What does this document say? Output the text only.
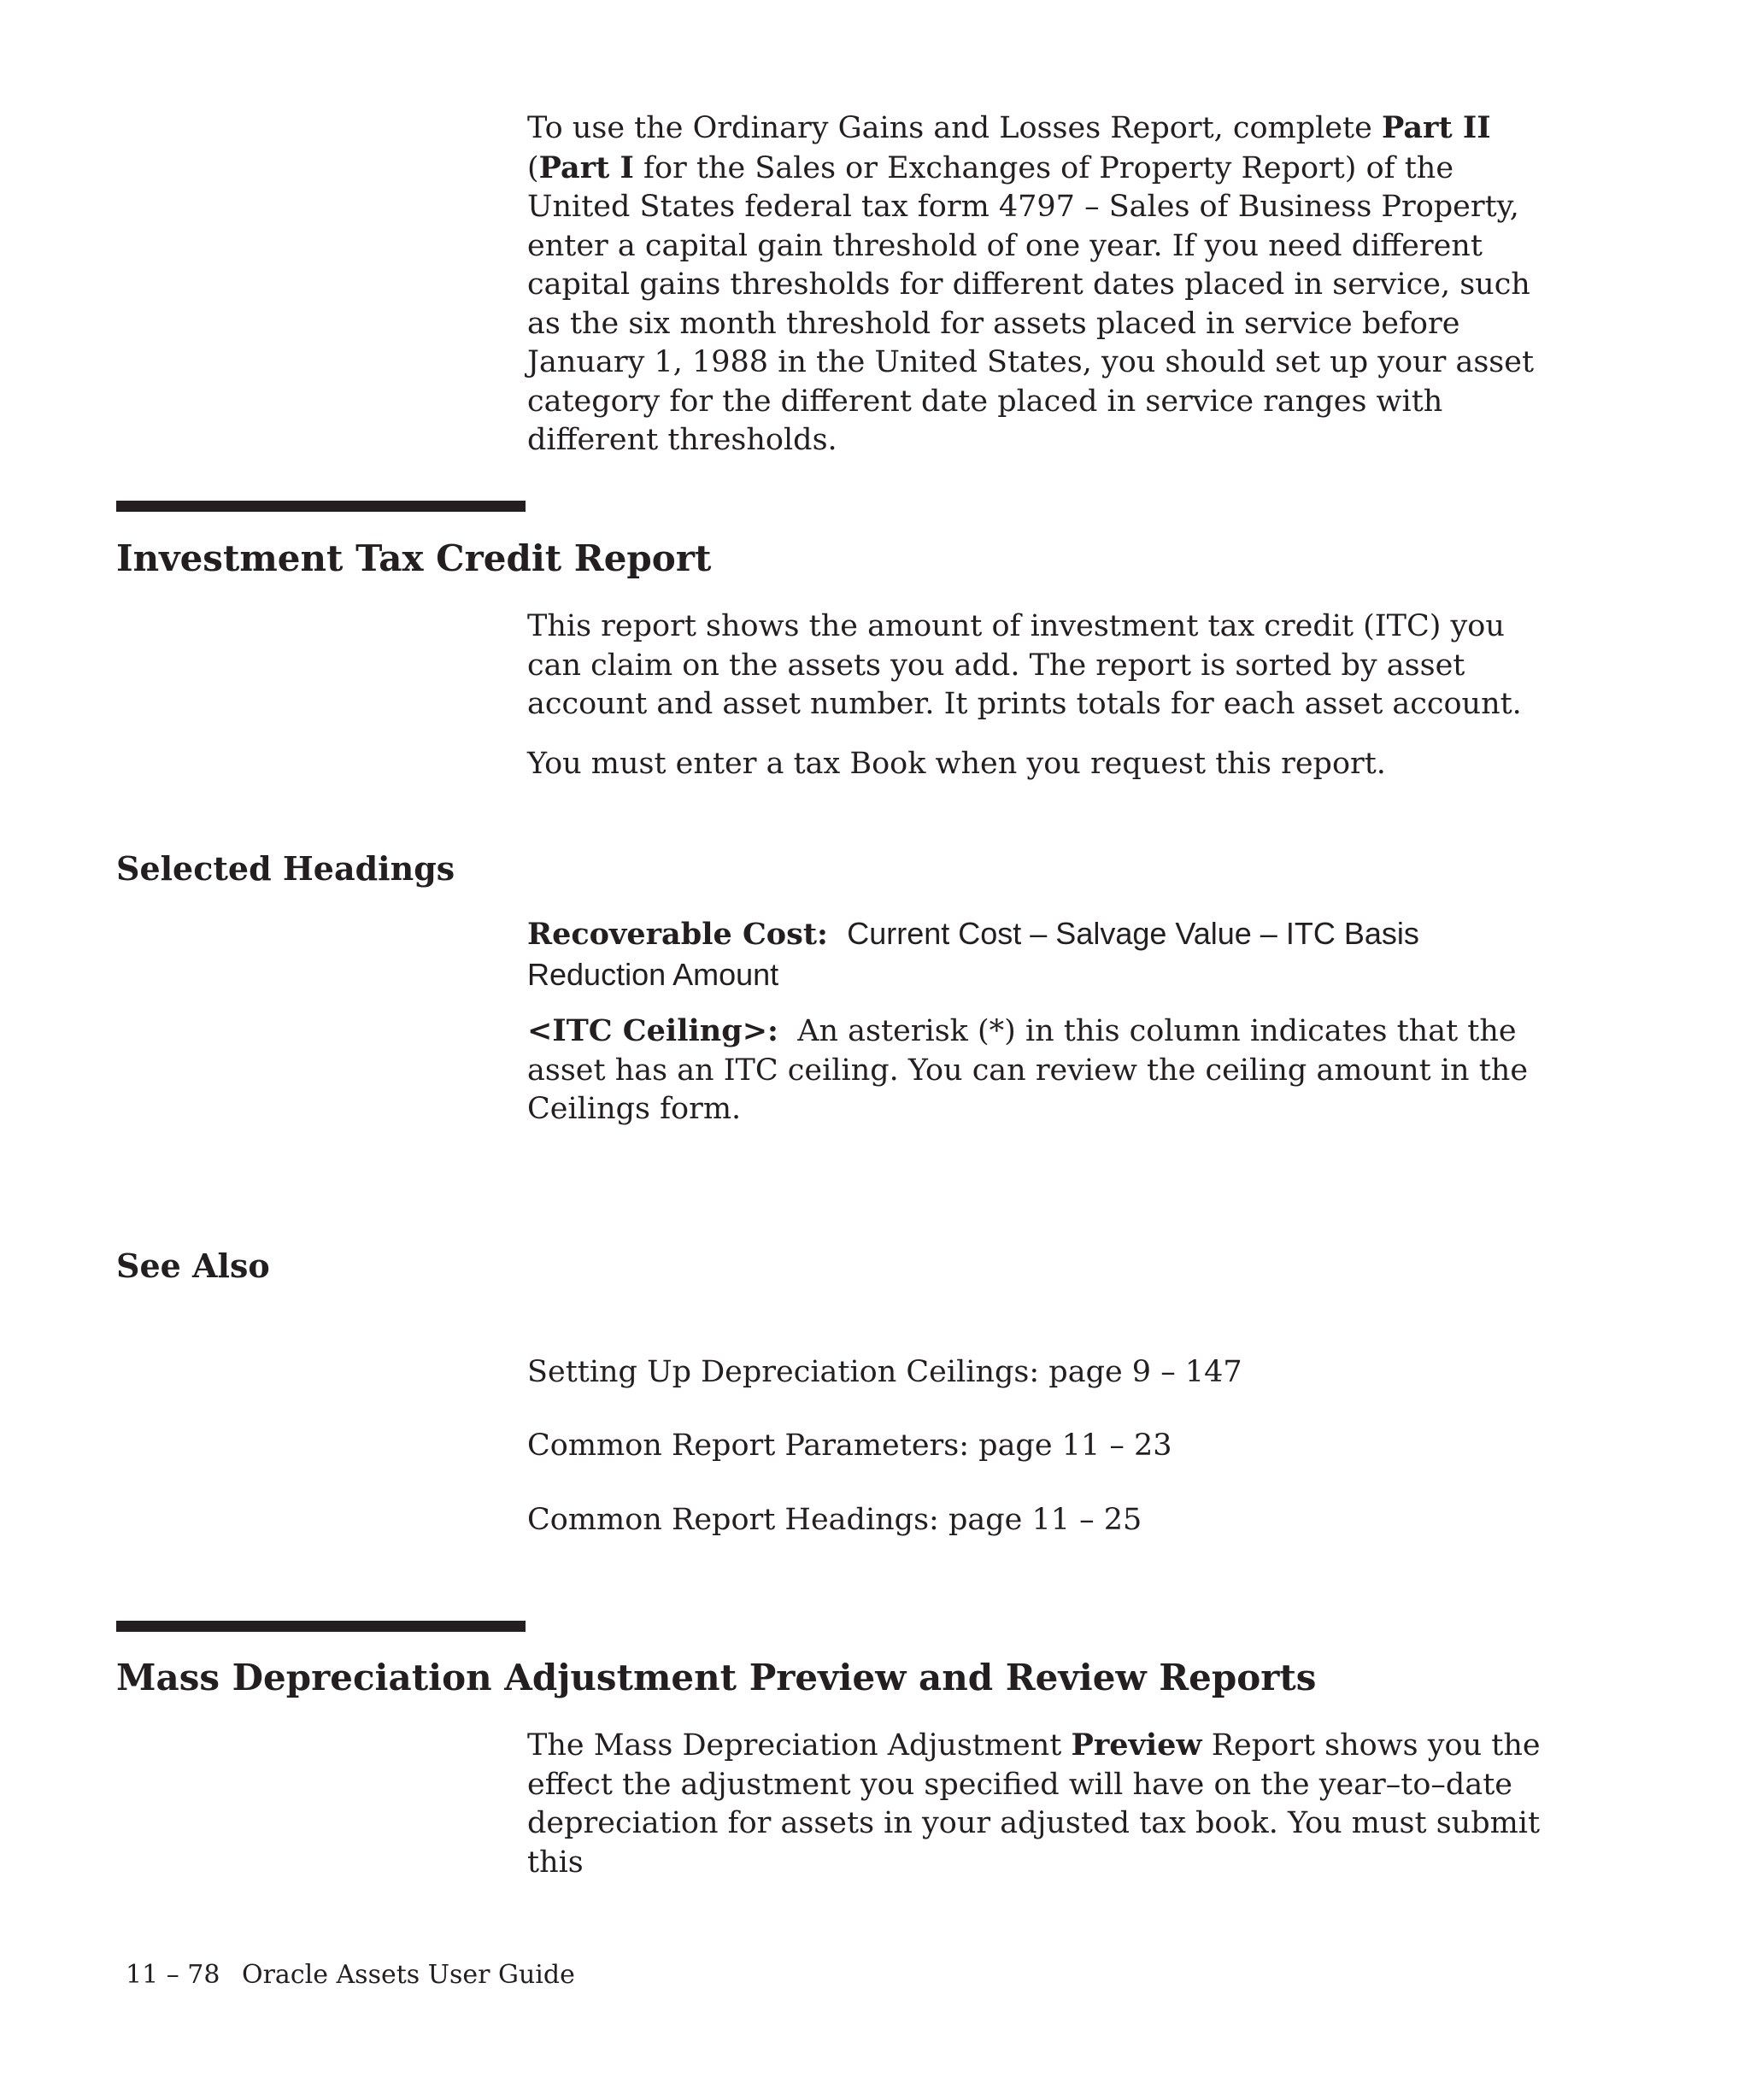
To use the Ordinary Gains and Losses Report, complete Part II (Part I for the Sales or Exchanges of Property Report) of the United States federal tax form 4797 – Sales of Business Property, enter a capital gain threshold of one year. If you need different capital gains thresholds for different dates placed in service, such as the six month threshold for assets placed in service before January 1, 1988 in the United States, you should set up your asset category for the different date placed in service ranges with different thresholds.

Investment Tax Credit Report

This report shows the amount of investment tax credit (ITC) you can claim on the assets you add. The report is sorted by asset account and asset number. It prints totals for each asset account.

You must enter a tax Book when you request this report.

Selected Headings

Recoverable Cost: Current Cost – Salvage Value – ITC Basis Reduction Amount

<ITC Ceiling>: An asterisk (*) in this column indicates that the asset has an ITC ceiling. You can review the ceiling amount in the Ceilings form.

See Also

Setting Up Depreciation Ceilings: page 9 – 147

Common Report Parameters: page 11 – 23

Common Report Headings: page 11 – 25

Mass Depreciation Adjustment Preview and Review Reports

The Mass Depreciation Adjustment Preview Report shows you the effect the adjustment you specified will have on the year–to–date depreciation for assets in your adjusted tax book. You must submit this

11 – 78 Oracle Assets User Guide
